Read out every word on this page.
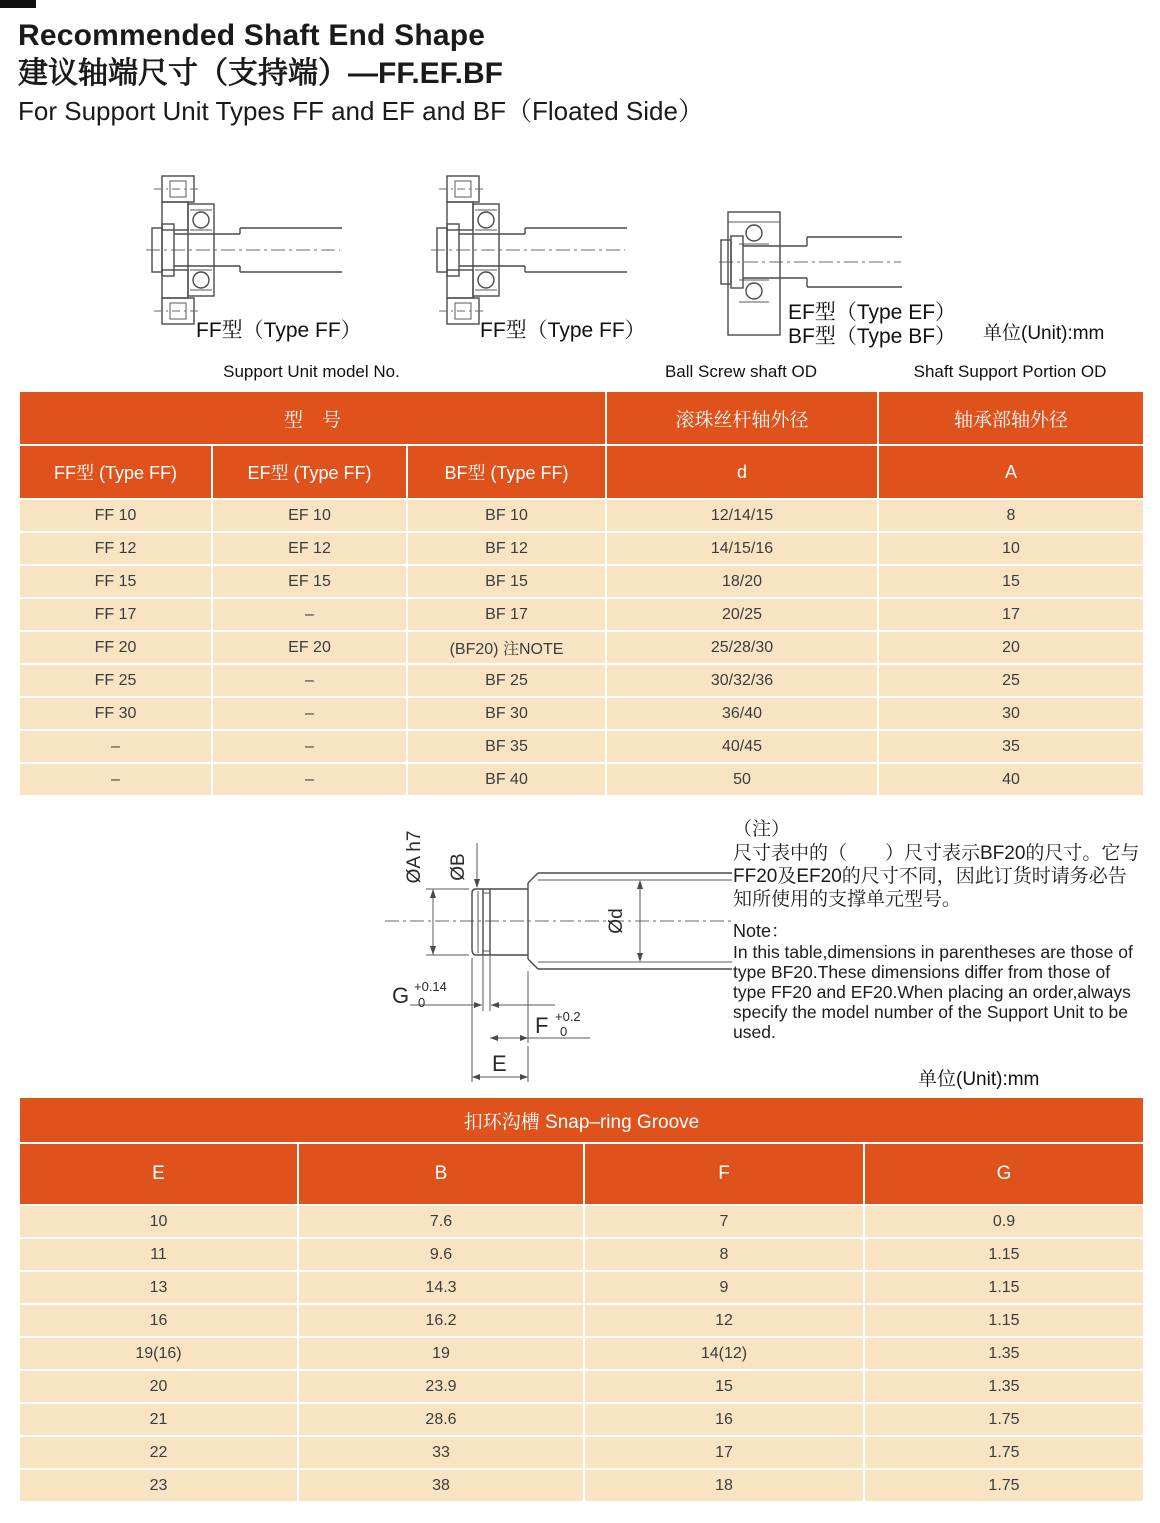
Recommended Shaft End Shape
建议轴端尺寸（支持端）—FF.EF.BF
For Support Unit Types FF and EF and BF（Floated Side）
FF型（Type FF）	FF型（Type FF）
EF型（Type EF）
BF型（Type BF） 单位(Unit):mm
Support Unit model No.	Ball Screw shaft OD	Shaft Support Portion OD
型　号			滚珠丝杆轴外径	轴承部轴外径
FF型 (Type FF)	EF型 (Type FF)	BF型 (Type FF)	d	A
FF 10	EF 10	BF 10	12/14/15	8
FF 12	EF 12	BF 12	14/15/16	10
FF 15	EF 15	BF 15	18/20	15
FF 17	–	BF 17	20/25	17
FF 20	EF 20	(BF20) 注NOTE	25/28/30	20
FF 25	–	BF 25	30/32/36	25
FF 30	–	BF 30	36/40	30
–	–	BF 35	40/45	35
–	–	BF 40	50	40
ØA h7 ØB
Ød
G +0.14
0
F +0.2
0
E
（注）
尺寸表中的（　　）尺寸表示BF20的尺寸。它与
FF20及EF20的尺寸不同，因此订货时请务必告
知所使用的支撑单元型号。
Note：
In this table,dimensions in parentheses are those of
type BF20.These dimensions differ from those of
type FF20 and EF20.When placing an order,always
specify the model number of the Support Unit to be
used.
单位(Unit):mm
扣环沟槽 Snap–ring Groove			
E	B	F	G
10	7.6	7	0.9
11	9.6	8	1.15
13	14.3	9	1.15
16	16.2	12	1.15
19(16)	19	14(12)	1.35
20	23.9	15	1.35
21	28.6	16	1.75
22	33	17	1.75
23	38	18	1.75
